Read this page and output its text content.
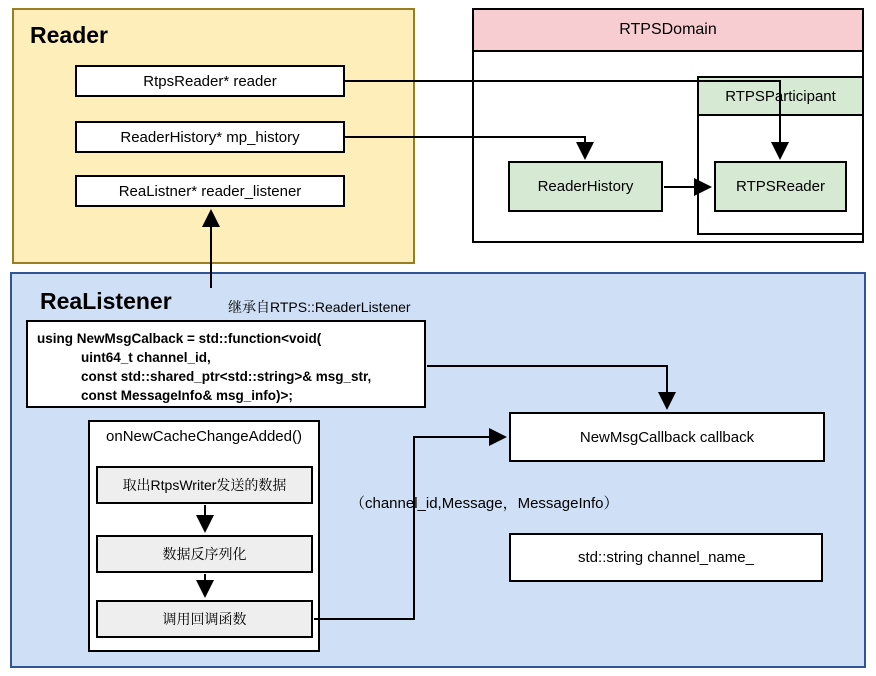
Reader
RtpsReader* reader
ReaderHistory* mp_history
ReaListner* reader_listener
RTPSDomain
RTPSParticipant
ReaderHistory	RTPSReader
ReaListener	继承自RTPS::ReaderListener
using NewMsgCalback = std::function<void(
uint64_t channel_id,
const std::shared_ptr<std::string>& msg_str,
const MessageInfo& msg_info)>;
onNewCacheChangeAdded()
取出RtpsWriter发送的数据
数据反序列化
调用回调函数
NewMsgCallback callback
std::string channel_name_
（channel_id,Message，MessageInfo）
